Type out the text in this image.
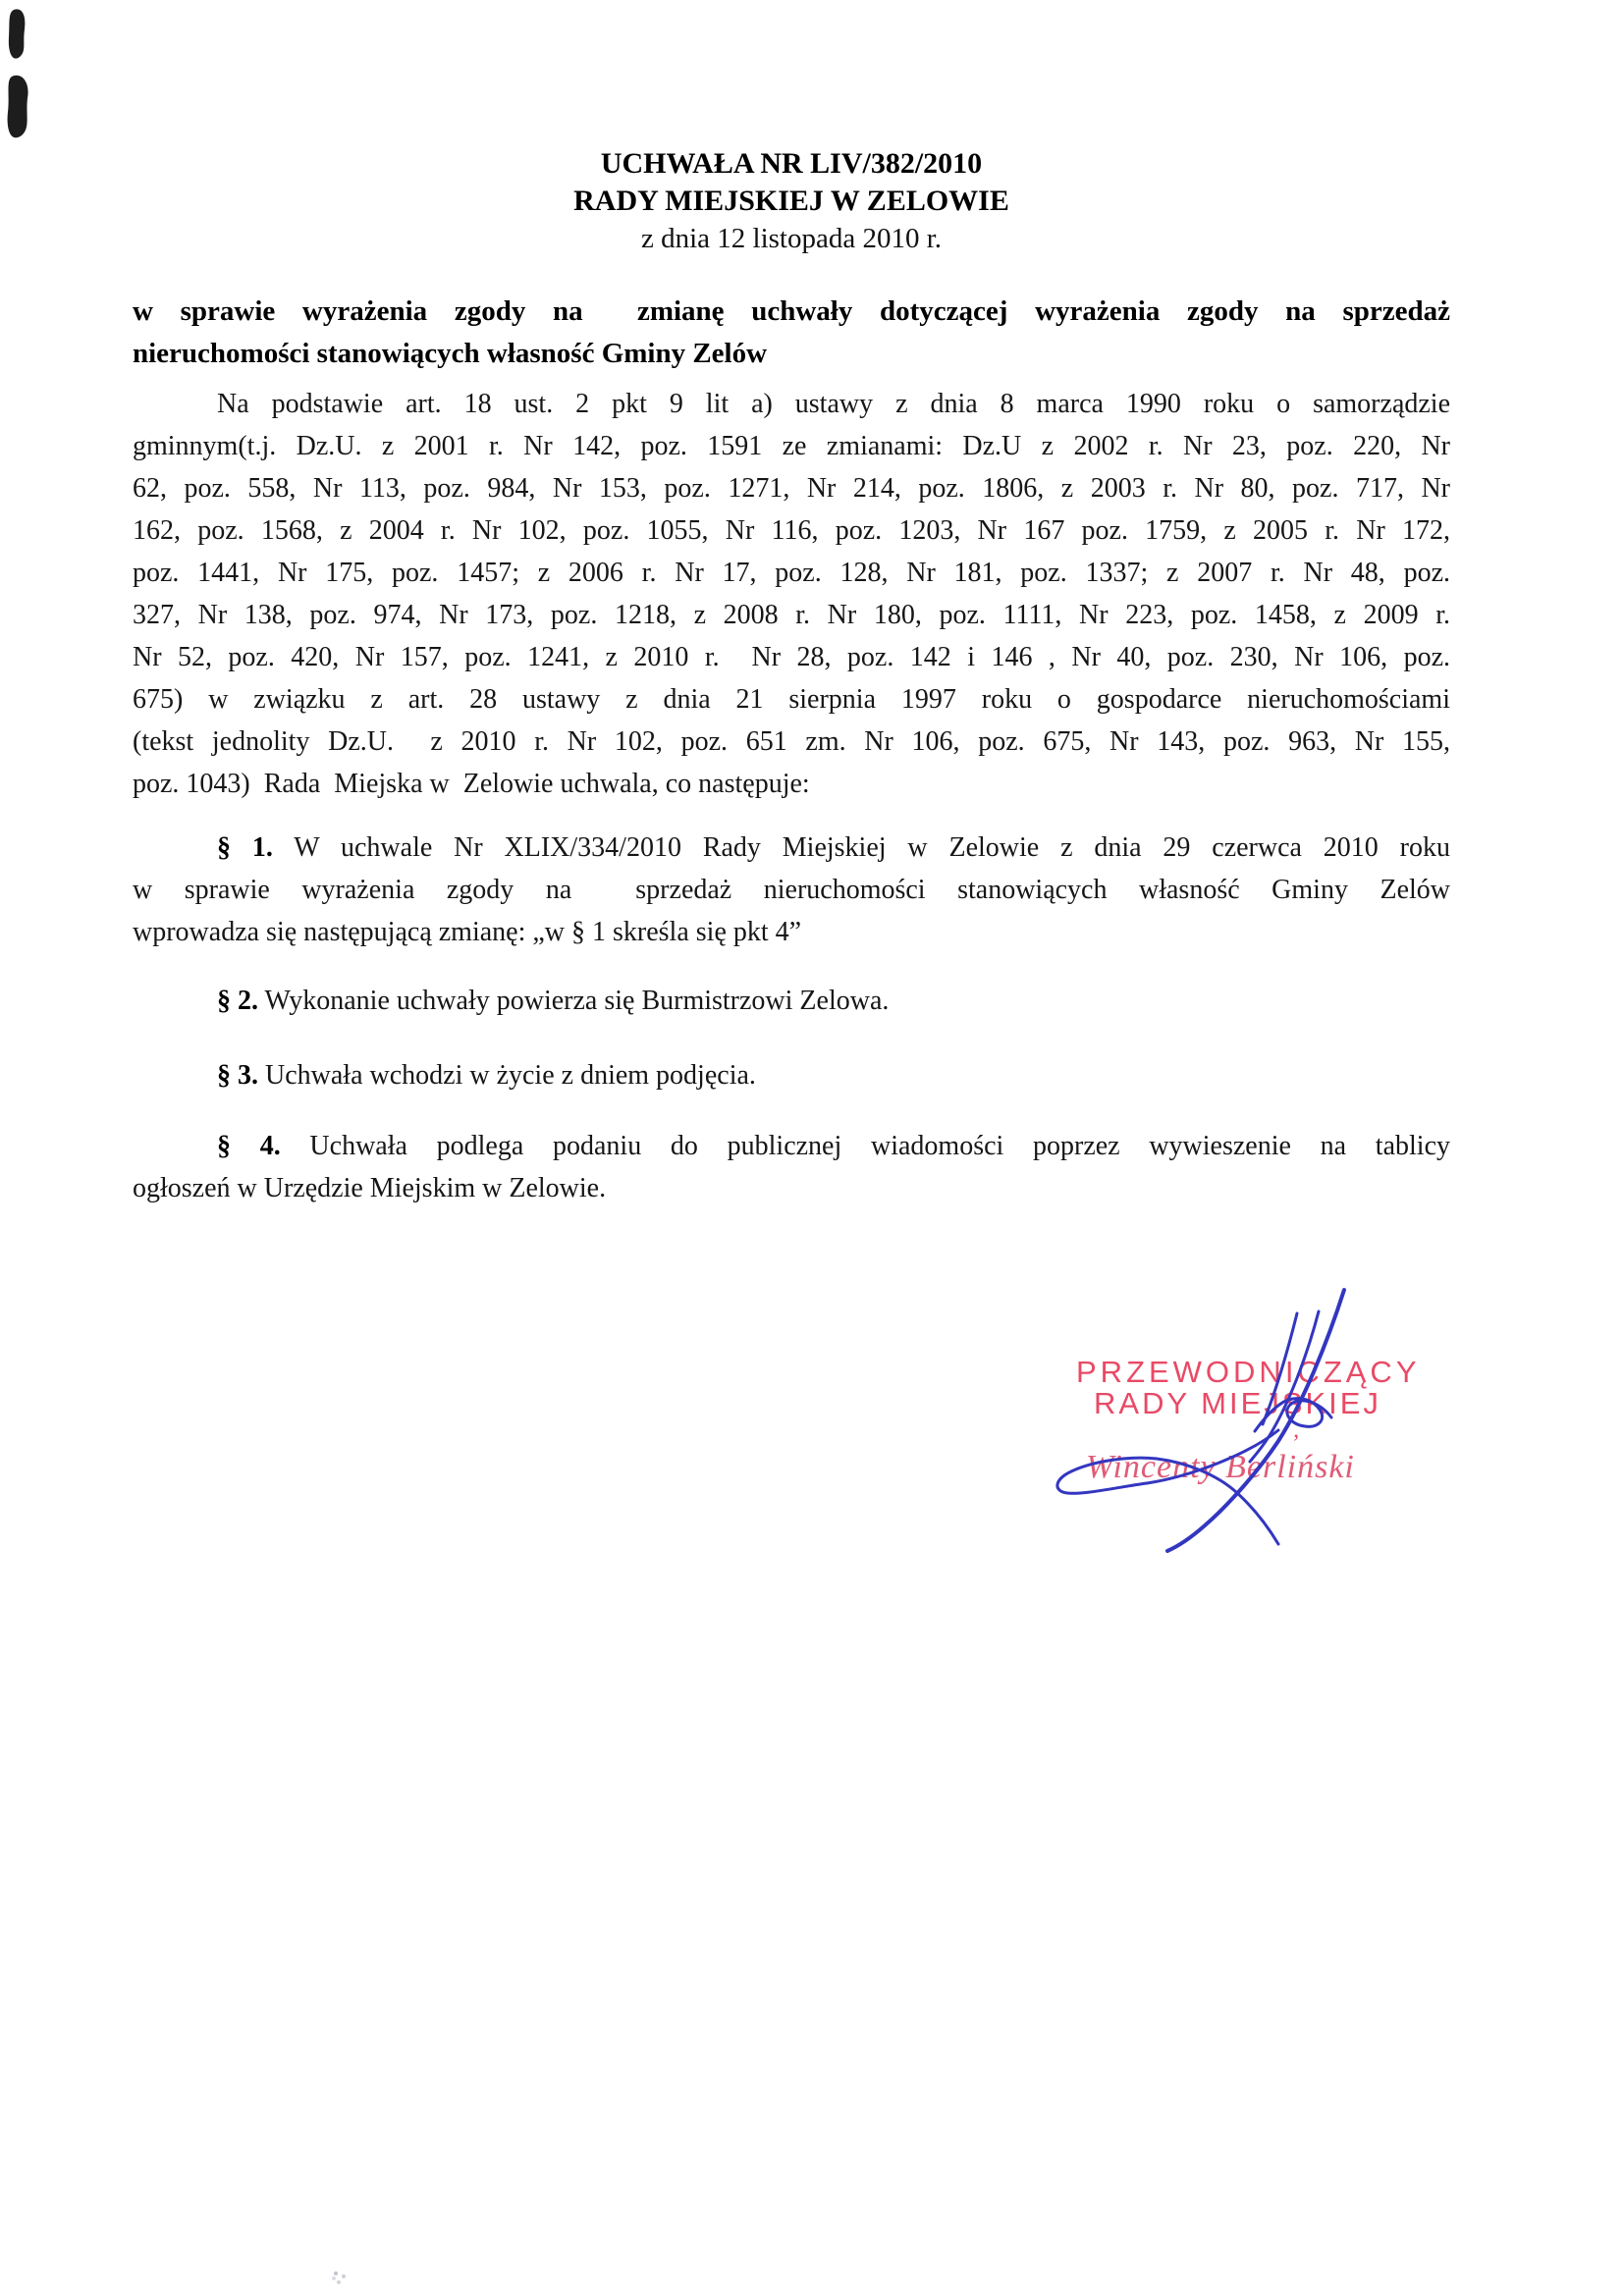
UCHWAŁA NR LIV/382/2010
RADY MIEJSKIEJ W ZELOWIE
z dnia 12 listopada 2010 r.
w sprawie wyrażenia zgody na  zmianę uchwały dotyczącej wyrażenia zgody na sprzedaż
nieruchomości stanowiących własność Gminy Zelów
Na podstawie art. 18 ust. 2 pkt 9 lit a) ustawy z dnia 8 marca 1990 roku o samorządzie
gminnym(t.j. Dz.U. z 2001 r. Nr 142, poz. 1591 ze zmianami: Dz.U z 2002 r. Nr 23, poz. 220, Nr
62, poz. 558, Nr 113, poz. 984, Nr 153, poz. 1271, Nr 214, poz. 1806, z 2003 r. Nr 80, poz. 717, Nr
162, poz. 1568, z 2004 r. Nr 102, poz. 1055, Nr 116, poz. 1203, Nr 167 poz. 1759, z 2005 r. Nr 172,
poz. 1441, Nr 175, poz. 1457; z 2006 r. Nr 17, poz. 128, Nr 181, poz. 1337; z 2007 r. Nr 48, poz.
327, Nr 138, poz. 974, Nr 173, poz. 1218, z 2008 r. Nr 180, poz. 1111, Nr 223, poz. 1458, z 2009 r.
Nr 52, poz. 420, Nr 157, poz. 1241, z 2010 r.  Nr 28, poz. 142 i 146 , Nr 40, poz. 230, Nr 106, poz.
675) w związku z art. 28 ustawy z dnia 21 sierpnia 1997 roku o gospodarce nieruchomościami
(tekst jednolity Dz.U.  z 2010 r. Nr 102, poz. 651 zm. Nr 106, poz. 675, Nr 143, poz. 963, Nr 155,
poz. 1043)  Rada  Miejska w  Zelowie uchwala, co następuje:
§ 1. W uchwale Nr XLIX/334/2010 Rady Miejskiej w Zelowie z dnia 29 czerwca 2010 roku
w sprawie wyrażenia zgody na  sprzedaż nieruchomości stanowiących własność Gminy Zelów
wprowadza się następującą zmianę: „w § 1 skreśla się pkt 4”
§ 2. Wykonanie uchwały powierza się Burmistrzowi Zelowa.
§ 3. Uchwała wchodzi w życie z dniem podjęcia.
§ 4. Uchwała podlega podaniu do publicznej wiadomości poprzez wywieszenie na tablicy
ogłoszeń w Urzędzie Miejskim w Zelowie.
PRZEWODNICZĄCY
RADY MIEJSKIEJ
‚
Wincenty Berliński
